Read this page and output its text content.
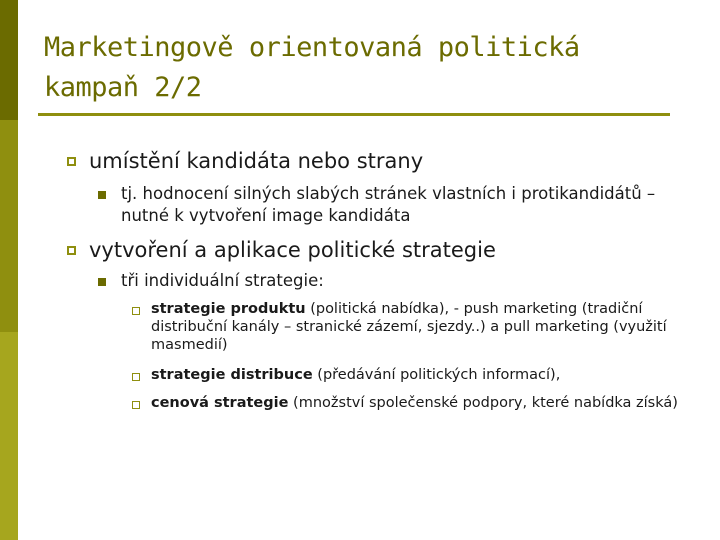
Marketingově orientovaná politická kampaň 2/2
umístění kandidáta nebo strany
tj. hodnocení silných slabých stránek vlastních i protikandidátů – nutné k vytvoření image kandidáta
vytvoření a aplikace politické strategie
tři individuální strategie:
strategie produktu (politická nabídka), - push marketing (tradiční distribuční kanály – stranické zázemí, sjezdy..) a pull marketing (využití masmedií)
strategie distribuce (předávání politických informací),
cenová strategie (množství společenské podpory, které nabídka získá)
